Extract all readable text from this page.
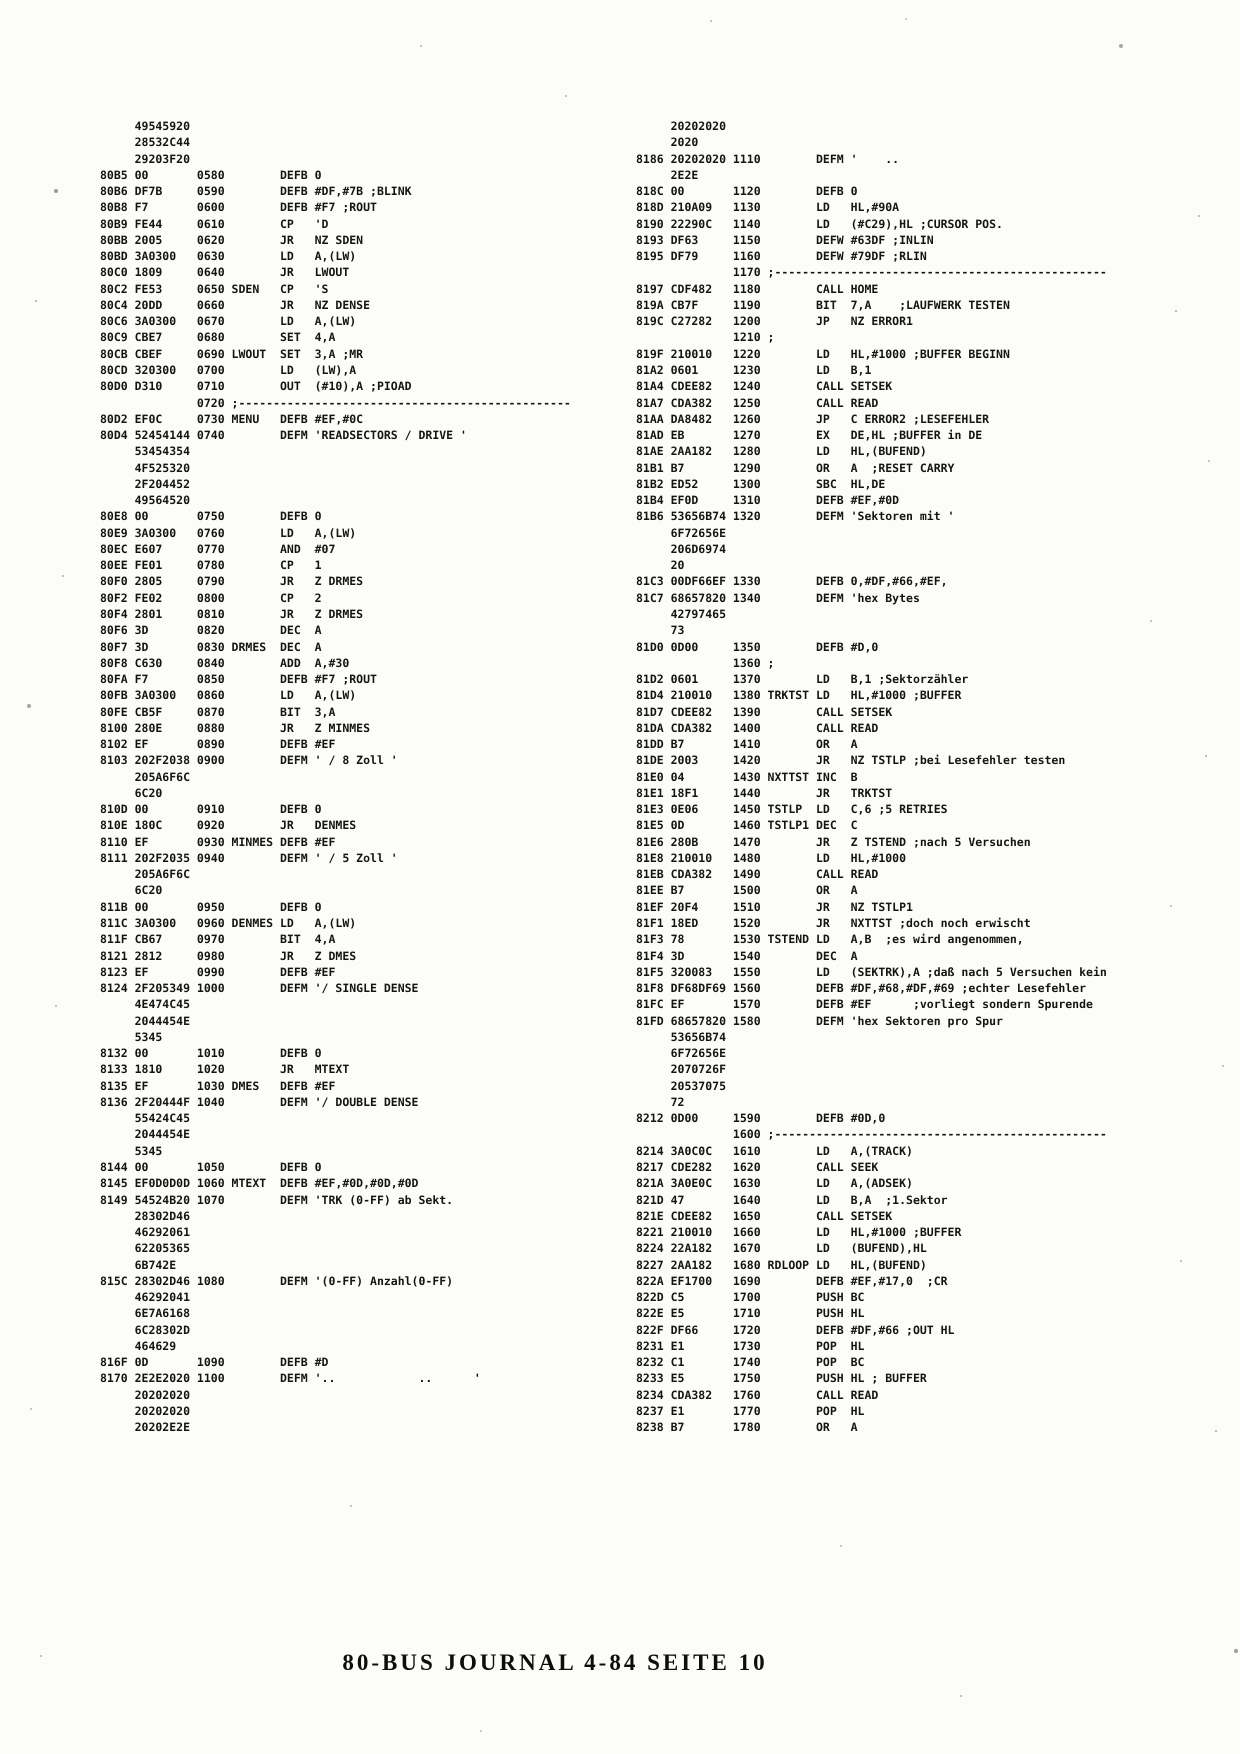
49545920
28532C44
29203F20
80B5 00       0580        DEFB 0
80B6 DF7B     0590        DEFB #DF,#7B ;BLINK
80B8 F7       0600        DEFB #F7 ;ROUT
80B9 FE44     0610        CP   'D
80BB 2005     0620        JR   NZ SDEN
80BD 3A0300   0630        LD   A,(LW)
80C0 1809     0640        JR   LWOUT
80C2 FE53     0650 SDEN   CP   'S
80C4 20DD     0660        JR   NZ DENSE
80C6 3A0300   0670        LD   A,(LW)
80C9 CBE7     0680        SET  4,A
80CB CBEF     0690 LWOUT  SET  3,A ;MR
80CD 320300   0700        LD   (LW),A
80D0 D310     0710        OUT  (#10),A ;PIOAD
0720 ;------------------------------------------------
80D2 EF0C     0730 MENU   DEFB #EF,#0C
80D4 52454144 0740        DEFM 'READSECTORS / DRIVE '
53454354
4F525320
2F204452
49564520
80E8 00       0750        DEFB 0
80E9 3A0300   0760        LD   A,(LW)
80EC E607     0770        AND  #07
80EE FE01     0780        CP   1
80F0 2805     0790        JR   Z DRMES
80F2 FE02     0800        CP   2
80F4 2801     0810        JR   Z DRMES
80F6 3D       0820        DEC  A
80F7 3D       0830 DRMES  DEC  A
80F8 C630     0840        ADD  A,#30
80FA F7       0850        DEFB #F7 ;ROUT
80FB 3A0300   0860        LD   A,(LW)
80FE CB5F     0870        BIT  3,A
8100 280E     0880        JR   Z MINMES
8102 EF       0890        DEFB #EF
8103 202F2038 0900        DEFM ' / 8 Zoll '
205A6F6C
6C20
810D 00       0910        DEFB 0
810E 180C     0920        JR   DENMES
8110 EF       0930 MINMES DEFB #EF
8111 202F2035 0940        DEFM ' / 5 Zoll '
205A6F6C
6C20
811B 00       0950        DEFB 0
811C 3A0300   0960 DENMES LD   A,(LW)
811F CB67     0970        BIT  4,A
8121 2812     0980        JR   Z DMES
8123 EF       0990        DEFB #EF
8124 2F205349 1000        DEFM '/ SINGLE DENSE
4E474C45
2044454E
5345
8132 00       1010        DEFB 0
8133 1810     1020        JR   MTEXT
8135 EF       1030 DMES   DEFB #EF
8136 2F20444F 1040        DEFM '/ DOUBLE DENSE
55424C45
2044454E
5345
8144 00       1050        DEFB 0
8145 EF0D0D0D 1060 MTEXT  DEFB #EF,#0D,#0D,#0D
8149 54524B20 1070        DEFM 'TRK (0-FF) ab Sekt.
28302D46
46292061
62205365
6B742E
815C 28302D46 1080        DEFM '(0-FF) Anzahl(0-FF)
46292041
6E7A6168
6C28302D
464629
816F 0D       1090        DEFB #D
8170 2E2E2020 1100        DEFM '..            ..      '
20202020
20202020
20202E2E
20202020
2020
8186 20202020 1110        DEFM '    ..
2E2E
818C 00       1120        DEFB 0
818D 210A09   1130        LD   HL,#90A
8190 22290C   1140        LD   (#C29),HL ;CURSOR POS.
8193 DF63     1150        DEFW #63DF ;INLIN
8195 DF79     1160        DEFW #79DF ;RLIN
1170 ;------------------------------------------------
8197 CDF482   1180        CALL HOME
819A CB7F     1190        BIT  7,A    ;LAUFWERK TESTEN
819C C27282   1200        JP   NZ ERROR1
1210 ;
819F 210010   1220        LD   HL,#1000 ;BUFFER BEGINN
81A2 0601     1230        LD   B,1
81A4 CDEE82   1240        CALL SETSEK
81A7 CDA382   1250        CALL READ
81AA DA8482   1260        JP   C ERROR2 ;LESEFEHLER
81AD EB       1270        EX   DE,HL ;BUFFER in DE
81AE 2AA182   1280        LD   HL,(BUFEND)
81B1 B7       1290        OR   A  ;RESET CARRY
81B2 ED52     1300        SBC  HL,DE
81B4 EF0D     1310        DEFB #EF,#0D
81B6 53656B74 1320        DEFM 'Sektoren mit '
6F72656E
206D6974
20
81C3 00DF66EF 1330        DEFB 0,#DF,#66,#EF,
81C7 68657820 1340        DEFM 'hex Bytes
42797465
73
81D0 0D00     1350        DEFB #D,0
1360 ;
81D2 0601     1370        LD   B,1 ;Sektorzähler
81D4 210010   1380 TRKTST LD   HL,#1000 ;BUFFER
81D7 CDEE82   1390        CALL SETSEK
81DA CDA382   1400        CALL READ
81DD B7       1410        OR   A
81DE 2003     1420        JR   NZ TSTLP ;bei Lesefehler testen
81E0 04       1430 NXTTST INC  B
81E1 18F1     1440        JR   TRKTST
81E3 0E06     1450 TSTLP  LD   C,6 ;5 RETRIES
81E5 0D       1460 TSTLP1 DEC  C
81E6 280B     1470        JR   Z TSTEND ;nach 5 Versuchen
81E8 210010   1480        LD   HL,#1000
81EB CDA382   1490        CALL READ
81EE B7       1500        OR   A
81EF 20F4     1510        JR   NZ TSTLP1
81F1 18ED     1520        JR   NXTTST ;doch noch erwischt
81F3 78       1530 TSTEND LD   A,B  ;es wird angenommen,
81F4 3D       1540        DEC  A
81F5 320083   1550        LD   (SEKTRK),A ;daß nach 5 Versuchen kein
81F8 DF68DF69 1560        DEFB #DF,#68,#DF,#69 ;echter Lesefehler
81FC EF       1570        DEFB #EF      ;vorliegt sondern Spurende
81FD 68657820 1580        DEFM 'hex Sektoren pro Spur
53656B74
6F72656E
2070726F
20537075
72
8212 0D00     1590        DEFB #0D,0
1600 ;------------------------------------------------
8214 3A0C0C   1610        LD   A,(TRACK)
8217 CDE282   1620        CALL SEEK
821A 3A0E0C   1630        LD   A,(ADSEK)
821D 47       1640        LD   B,A  ;1.Sektor
821E CDEE82   1650        CALL SETSEK
8221 210010   1660        LD   HL,#1000 ;BUFFER
8224 22A182   1670        LD   (BUFEND),HL
8227 2AA182   1680 RDLOOP LD   HL,(BUFEND)
822A EF1700   1690        DEFB #EF,#17,0  ;CR
822D C5       1700        PUSH BC
822E E5       1710        PUSH HL
822F DF66     1720        DEFB #DF,#66 ;OUT HL
8231 E1       1730        POP  HL
8232 C1       1740        POP  BC
8233 E5       1750        PUSH HL ; BUFFER
8234 CDA382   1760        CALL READ
8237 E1       1770        POP  HL
8238 B7       1780        OR   A
80-BUS JOURNAL 4-84 SEITE 10
